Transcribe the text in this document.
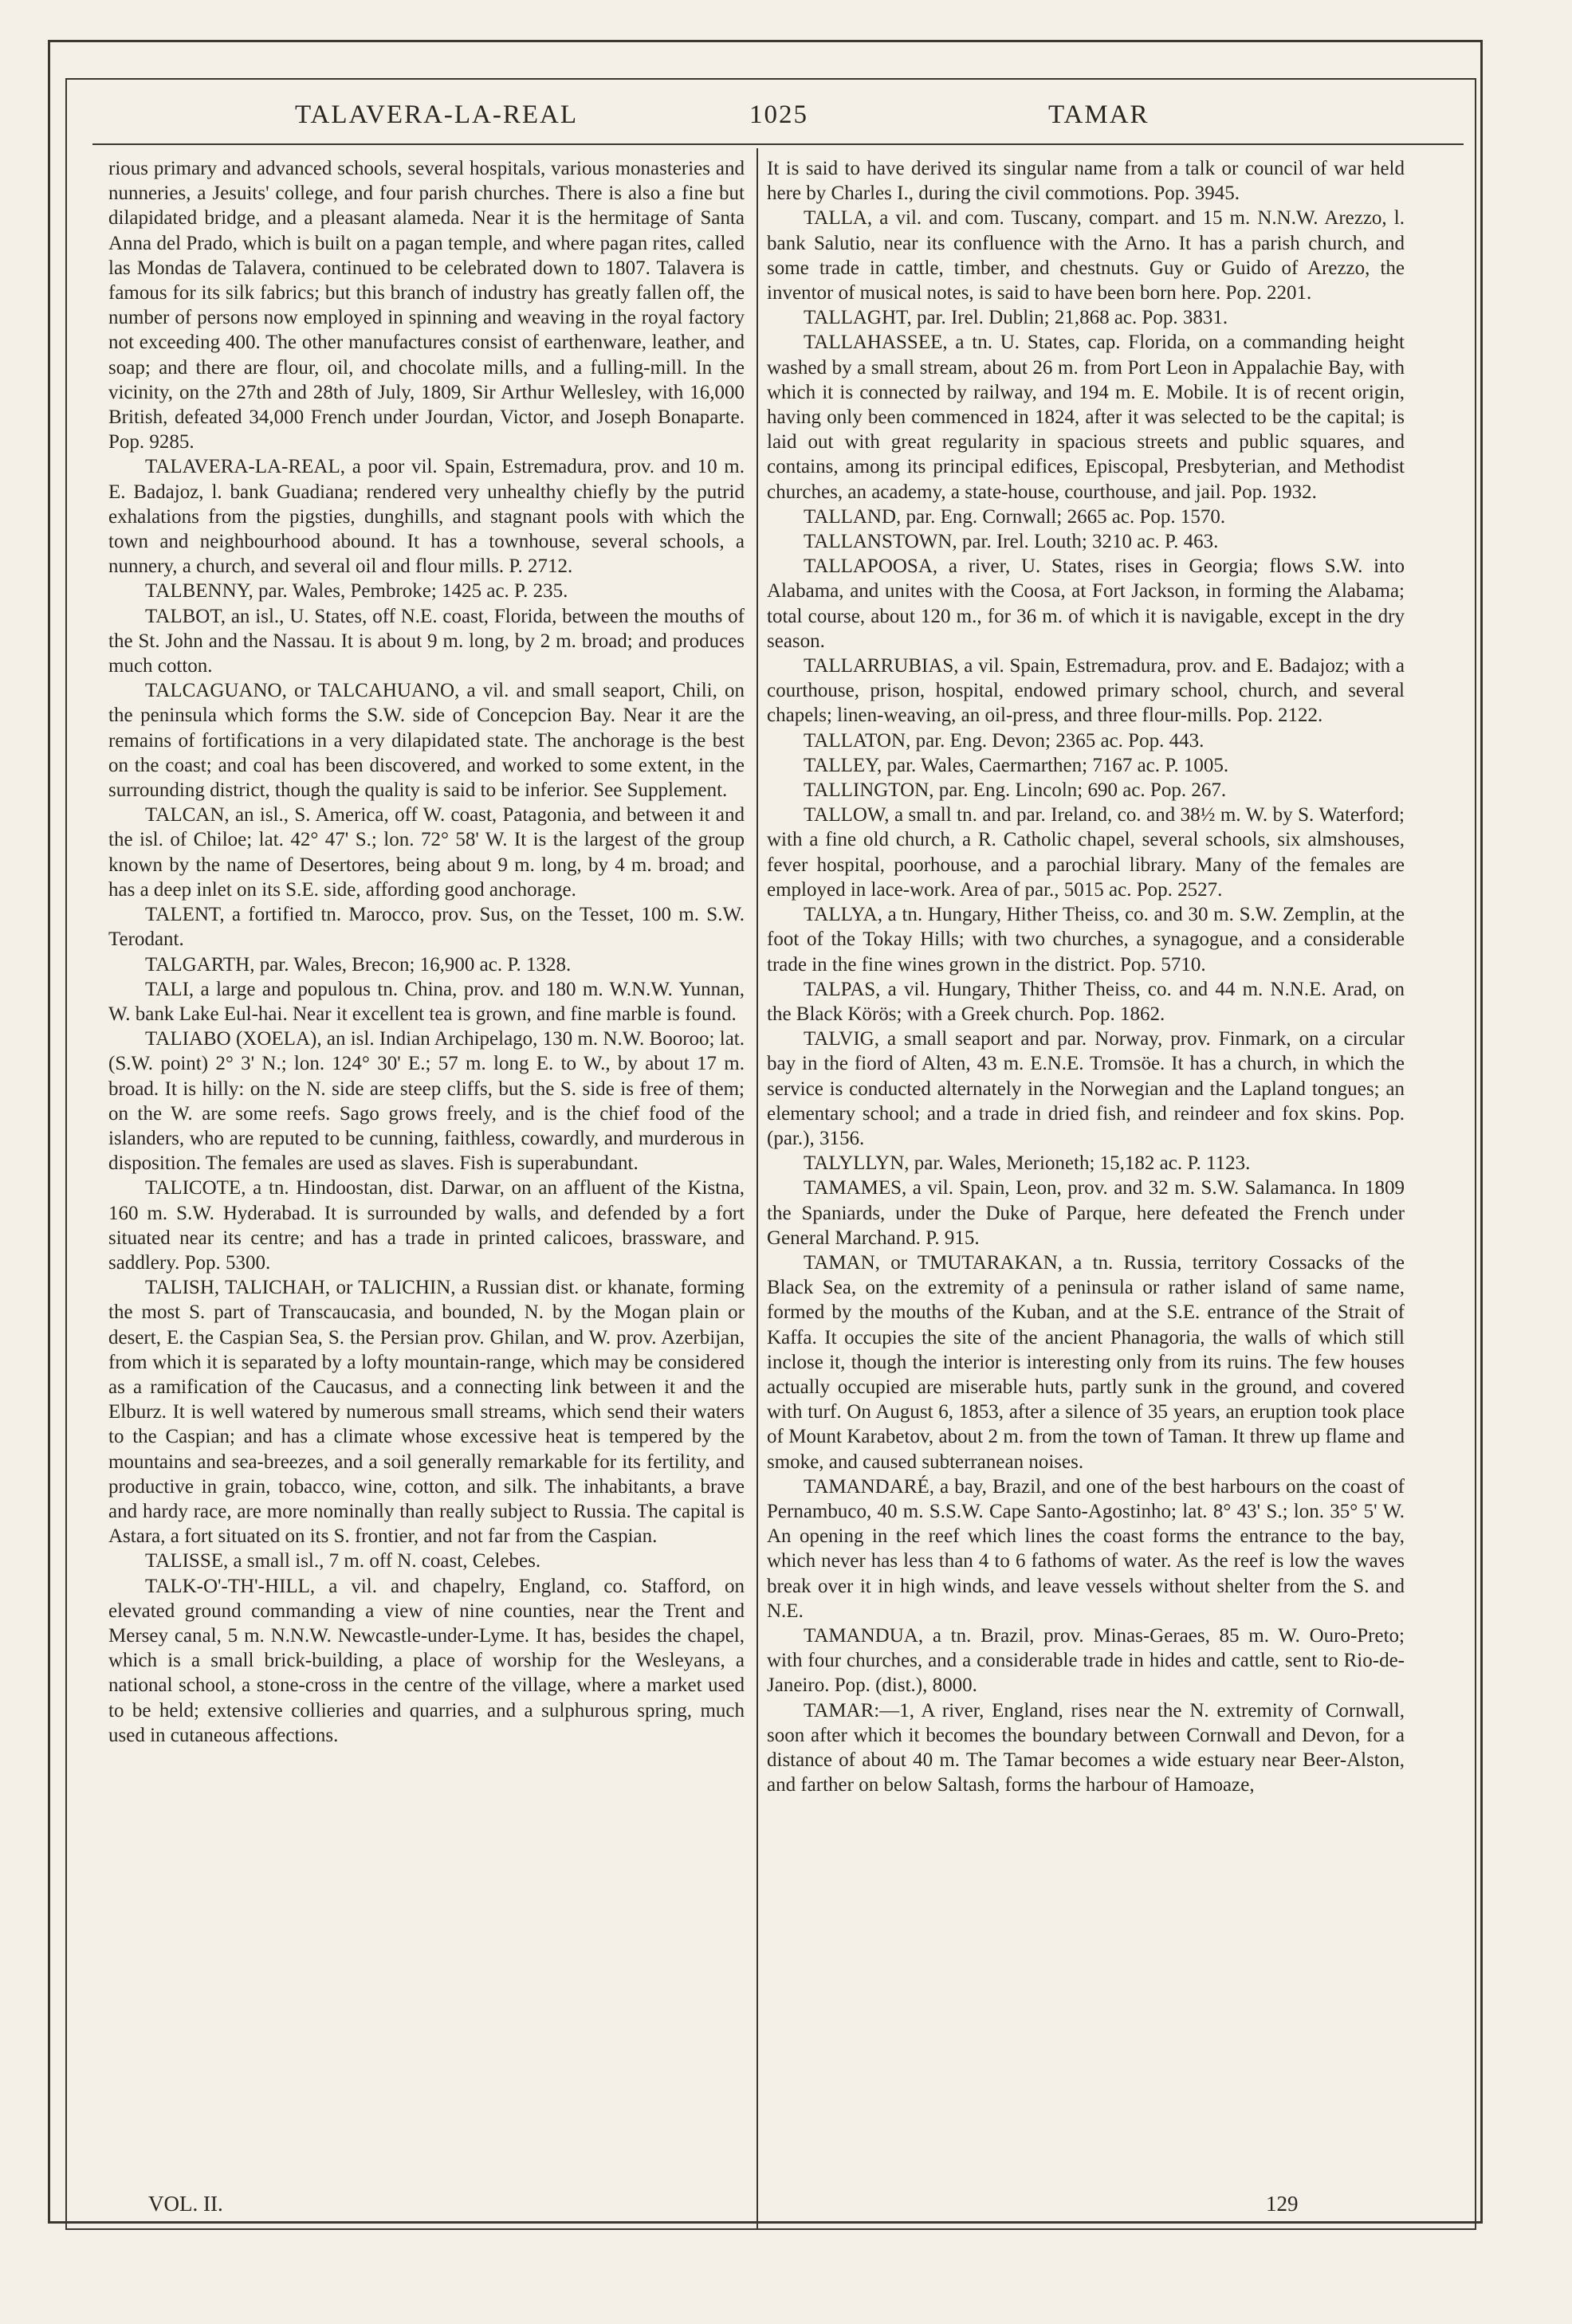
TALAVERA-LA-REAL	1025	TAMAR

rious primary and advanced schools, several hospitals, various monasteries and nunneries, a Jesuits' college, and four parish churches. There is also a fine but dilapidated bridge, and a pleasant alameda. Near it is the hermitage of Santa Anna del Prado, which is built on a pagan temple, and where pagan rites, called las Mondas de Talavera, continued to be celebrated down to 1807. Talavera is famous for its silk fabrics; but this branch of industry has greatly fallen off, the number of persons now employed in spinning and weaving in the royal factory not exceeding 400. The other manufactures consist of earthenware, leather, and soap; and there are flour, oil, and chocolate mills, and a fulling-mill. In the vicinity, on the 27th and 28th of July, 1809, Sir Arthur Wellesley, with 16,000 British, defeated 34,000 French under Jourdan, Victor, and Joseph Bonaparte. Pop. 9285.

TALAVERA-LA-REAL, a poor vil. Spain, Estremadura, prov. and 10 m. E. Badajoz, l. bank Guadiana; rendered very unhealthy chiefly by the putrid exhalations from the pigsties, dunghills, and stagnant pools with which the town and neighbourhood abound. It has a townhouse, several schools, a nunnery, a church, and several oil and flour mills. P. 2712.

TALBENNY, par. Wales, Pembroke; 1425 ac. P. 235.

TALBOT, an isl., U. States, off N.E. coast, Florida, between the mouths of the St. John and the Nassau. It is about 9 m. long, by 2 m. broad; and produces much cotton.

TALCAGUANO, or TALCAHUANO, a vil. and small seaport, Chili, on the peninsula which forms the S.W. side of Concepcion Bay. Near it are the remains of fortifications in a very dilapidated state. The anchorage is the best on the coast; and coal has been discovered, and worked to some extent, in the surrounding district, though the quality is said to be inferior. See Supplement.

TALCAN, an isl., S. America, off W. coast, Patagonia, and between it and the isl. of Chiloe; lat. 42° 47' S.; lon. 72° 58' W. It is the largest of the group known by the name of Desertores, being about 9 m. long, by 4 m. broad; and has a deep inlet on its S.E. side, affording good anchorage.

TALENT, a fortified tn. Marocco, prov. Sus, on the Tesset, 100 m. S.W. Terodant.

TALGARTH, par. Wales, Brecon; 16,900 ac. P. 1328.

TALI, a large and populous tn. China, prov. and 180 m. W.N.W. Yunnan, W. bank Lake Eul-hai. Near it excellent tea is grown, and fine marble is found.

TALIABO (XOELA), an isl. Indian Archipelago, 130 m. N.W. Booroo; lat. (S.W. point) 2° 3' N.; lon. 124° 30' E.; 57 m. long E. to W., by about 17 m. broad. It is hilly: on the N. side are steep cliffs, but the S. side is free of them; on the W. are some reefs. Sago grows freely, and is the chief food of the islanders, who are reputed to be cunning, faithless, cowardly, and murderous in disposition. The females are used as slaves. Fish is superabundant.

TALICOTE, a tn. Hindoostan, dist. Darwar, on an affluent of the Kistna, 160 m. S.W. Hyderabad. It is surrounded by walls, and defended by a fort situated near its centre; and has a trade in printed calicoes, brassware, and saddlery. Pop. 5300.

TALISH, TALICHAH, or TALICHIN, a Russian dist. or khanate, forming the most S. part of Transcaucasia, and bounded, N. by the Mogan plain or desert, E. the Caspian Sea, S. the Persian prov. Ghilan, and W. prov. Azerbijan, from which it is separated by a lofty mountain-range, which may be considered as a ramification of the Caucasus, and a connecting link between it and the Elburz. It is well watered by numerous small streams, which send their waters to the Caspian; and has a climate whose excessive heat is tempered by the mountains and sea-breezes, and a soil generally remarkable for its fertility, and productive in grain, tobacco, wine, cotton, and silk. The inhabitants, a brave and hardy race, are more nominally than really subject to Russia. The capital is Astara, a fort situated on its S. frontier, and not far from the Caspian.

TALISSE, a small isl., 7 m. off N. coast, Celebes.

TALK-O'-TH'-HILL, a vil. and chapelry, England, co. Stafford, on elevated ground commanding a view of nine counties, near the Trent and Mersey canal, 5 m. N.N.W. Newcastle-under-Lyme. It has, besides the chapel, which is a small brick-building, a place of worship for the Wesleyans, a national school, a stone-cross in the centre of the village, where a market used to be held; extensive collieries and quarries, and a sulphurous spring, much used in cutaneous affections.

It is said to have derived its singular name from a talk or council of war held here by Charles I., during the civil commotions. Pop. 3945.

TALLA, a vil. and com. Tuscany, compart. and 15 m. N.N.W. Arezzo, l. bank Salutio, near its confluence with the Arno. It has a parish church, and some trade in cattle, timber, and chestnuts. Guy or Guido of Arezzo, the inventor of musical notes, is said to have been born here. Pop. 2201.

TALLAGHT, par. Irel. Dublin; 21,868 ac. Pop. 3831.

TALLAHASSEE, a tn. U. States, cap. Florida, on a commanding height washed by a small stream, about 26 m. from Port Leon in Appalachie Bay, with which it is connected by railway, and 194 m. E. Mobile. It is of recent origin, having only been commenced in 1824, after it was selected to be the capital; is laid out with great regularity in spacious streets and public squares, and contains, among its principal edifices, Episcopal, Presbyterian, and Methodist churches, an academy, a state-house, courthouse, and jail. Pop. 1932.

TALLAND, par. Eng. Cornwall; 2665 ac. Pop. 1570.

TALLANSTOWN, par. Irel. Louth; 3210 ac. P. 463.

TALLAPOOSA, a river, U. States, rises in Georgia; flows S.W. into Alabama, and unites with the Coosa, at Fort Jackson, in forming the Alabama; total course, about 120 m., for 36 m. of which it is navigable, except in the dry season.

TALLARRUBIAS, a vil. Spain, Estremadura, prov. and E. Badajoz; with a courthouse, prison, hospital, endowed primary school, church, and several chapels; linen-weaving, an oil-press, and three flour-mills. Pop. 2122.

TALLATON, par. Eng. Devon; 2365 ac. Pop. 443.

TALLEY, par. Wales, Caermarthen; 7167 ac. P. 1005.

TALLINGTON, par. Eng. Lincoln; 690 ac. Pop. 267.

TALLOW, a small tn. and par. Ireland, co. and 38½ m. W. by S. Waterford; with a fine old church, a R. Catholic chapel, several schools, six almshouses, fever hospital, poorhouse, and a parochial library. Many of the females are employed in lace-work. Area of par., 5015 ac. Pop. 2527.

TALLYA, a tn. Hungary, Hither Theiss, co. and 30 m. S.W. Zemplin, at the foot of the Tokay Hills; with two churches, a synagogue, and a considerable trade in the fine wines grown in the district. Pop. 5710.

TALPAS, a vil. Hungary, Thither Theiss, co. and 44 m. N.N.E. Arad, on the Black Körös; with a Greek church. Pop. 1862.

TALVIG, a small seaport and par. Norway, prov. Finmark, on a circular bay in the fiord of Alten, 43 m. E.N.E. Tromsöe. It has a church, in which the service is conducted alternately in the Norwegian and the Lapland tongues; an elementary school; and a trade in dried fish, and reindeer and fox skins. Pop. (par.), 3156.

TALYLLYN, par. Wales, Merioneth; 15,182 ac. P. 1123.

TAMAMES, a vil. Spain, Leon, prov. and 32 m. S.W. Salamanca. In 1809 the Spaniards, under the Duke of Parque, here defeated the French under General Marchand. P. 915.

TAMAN, or TMUTARAKAN, a tn. Russia, territory Cossacks of the Black Sea, on the extremity of a peninsula or rather island of same name, formed by the mouths of the Kuban, and at the S.E. entrance of the Strait of Kaffa. It occupies the site of the ancient Phanagoria, the walls of which still inclose it, though the interior is interesting only from its ruins. The few houses actually occupied are miserable huts, partly sunk in the ground, and covered with turf. On August 6, 1853, after a silence of 35 years, an eruption took place of Mount Karabetov, about 2 m. from the town of Taman. It threw up flame and smoke, and caused subterranean noises.

TAMANDARÉ, a bay, Brazil, and one of the best harbours on the coast of Pernambuco, 40 m. S.S.W. Cape Santo-Agostinho; lat. 8° 43' S.; lon. 35° 5' W. An opening in the reef which lines the coast forms the entrance to the bay, which never has less than 4 to 6 fathoms of water. As the reef is low the waves break over it in high winds, and leave vessels without shelter from the S. and N.E.

TAMANDUA, a tn. Brazil, prov. Minas-Geraes, 85 m. W. Ouro-Preto; with four churches, and a considerable trade in hides and cattle, sent to Rio-de-Janeiro. Pop. (dist.), 8000.

TAMAR:—1, A river, England, rises near the N. extremity of Cornwall, soon after which it becomes the boundary between Cornwall and Devon, for a distance of about 40 m. The Tamar becomes a wide estuary near Beer-Alston, and farther on below Saltash, forms the harbour of Hamoaze,

VOL. II.	129
